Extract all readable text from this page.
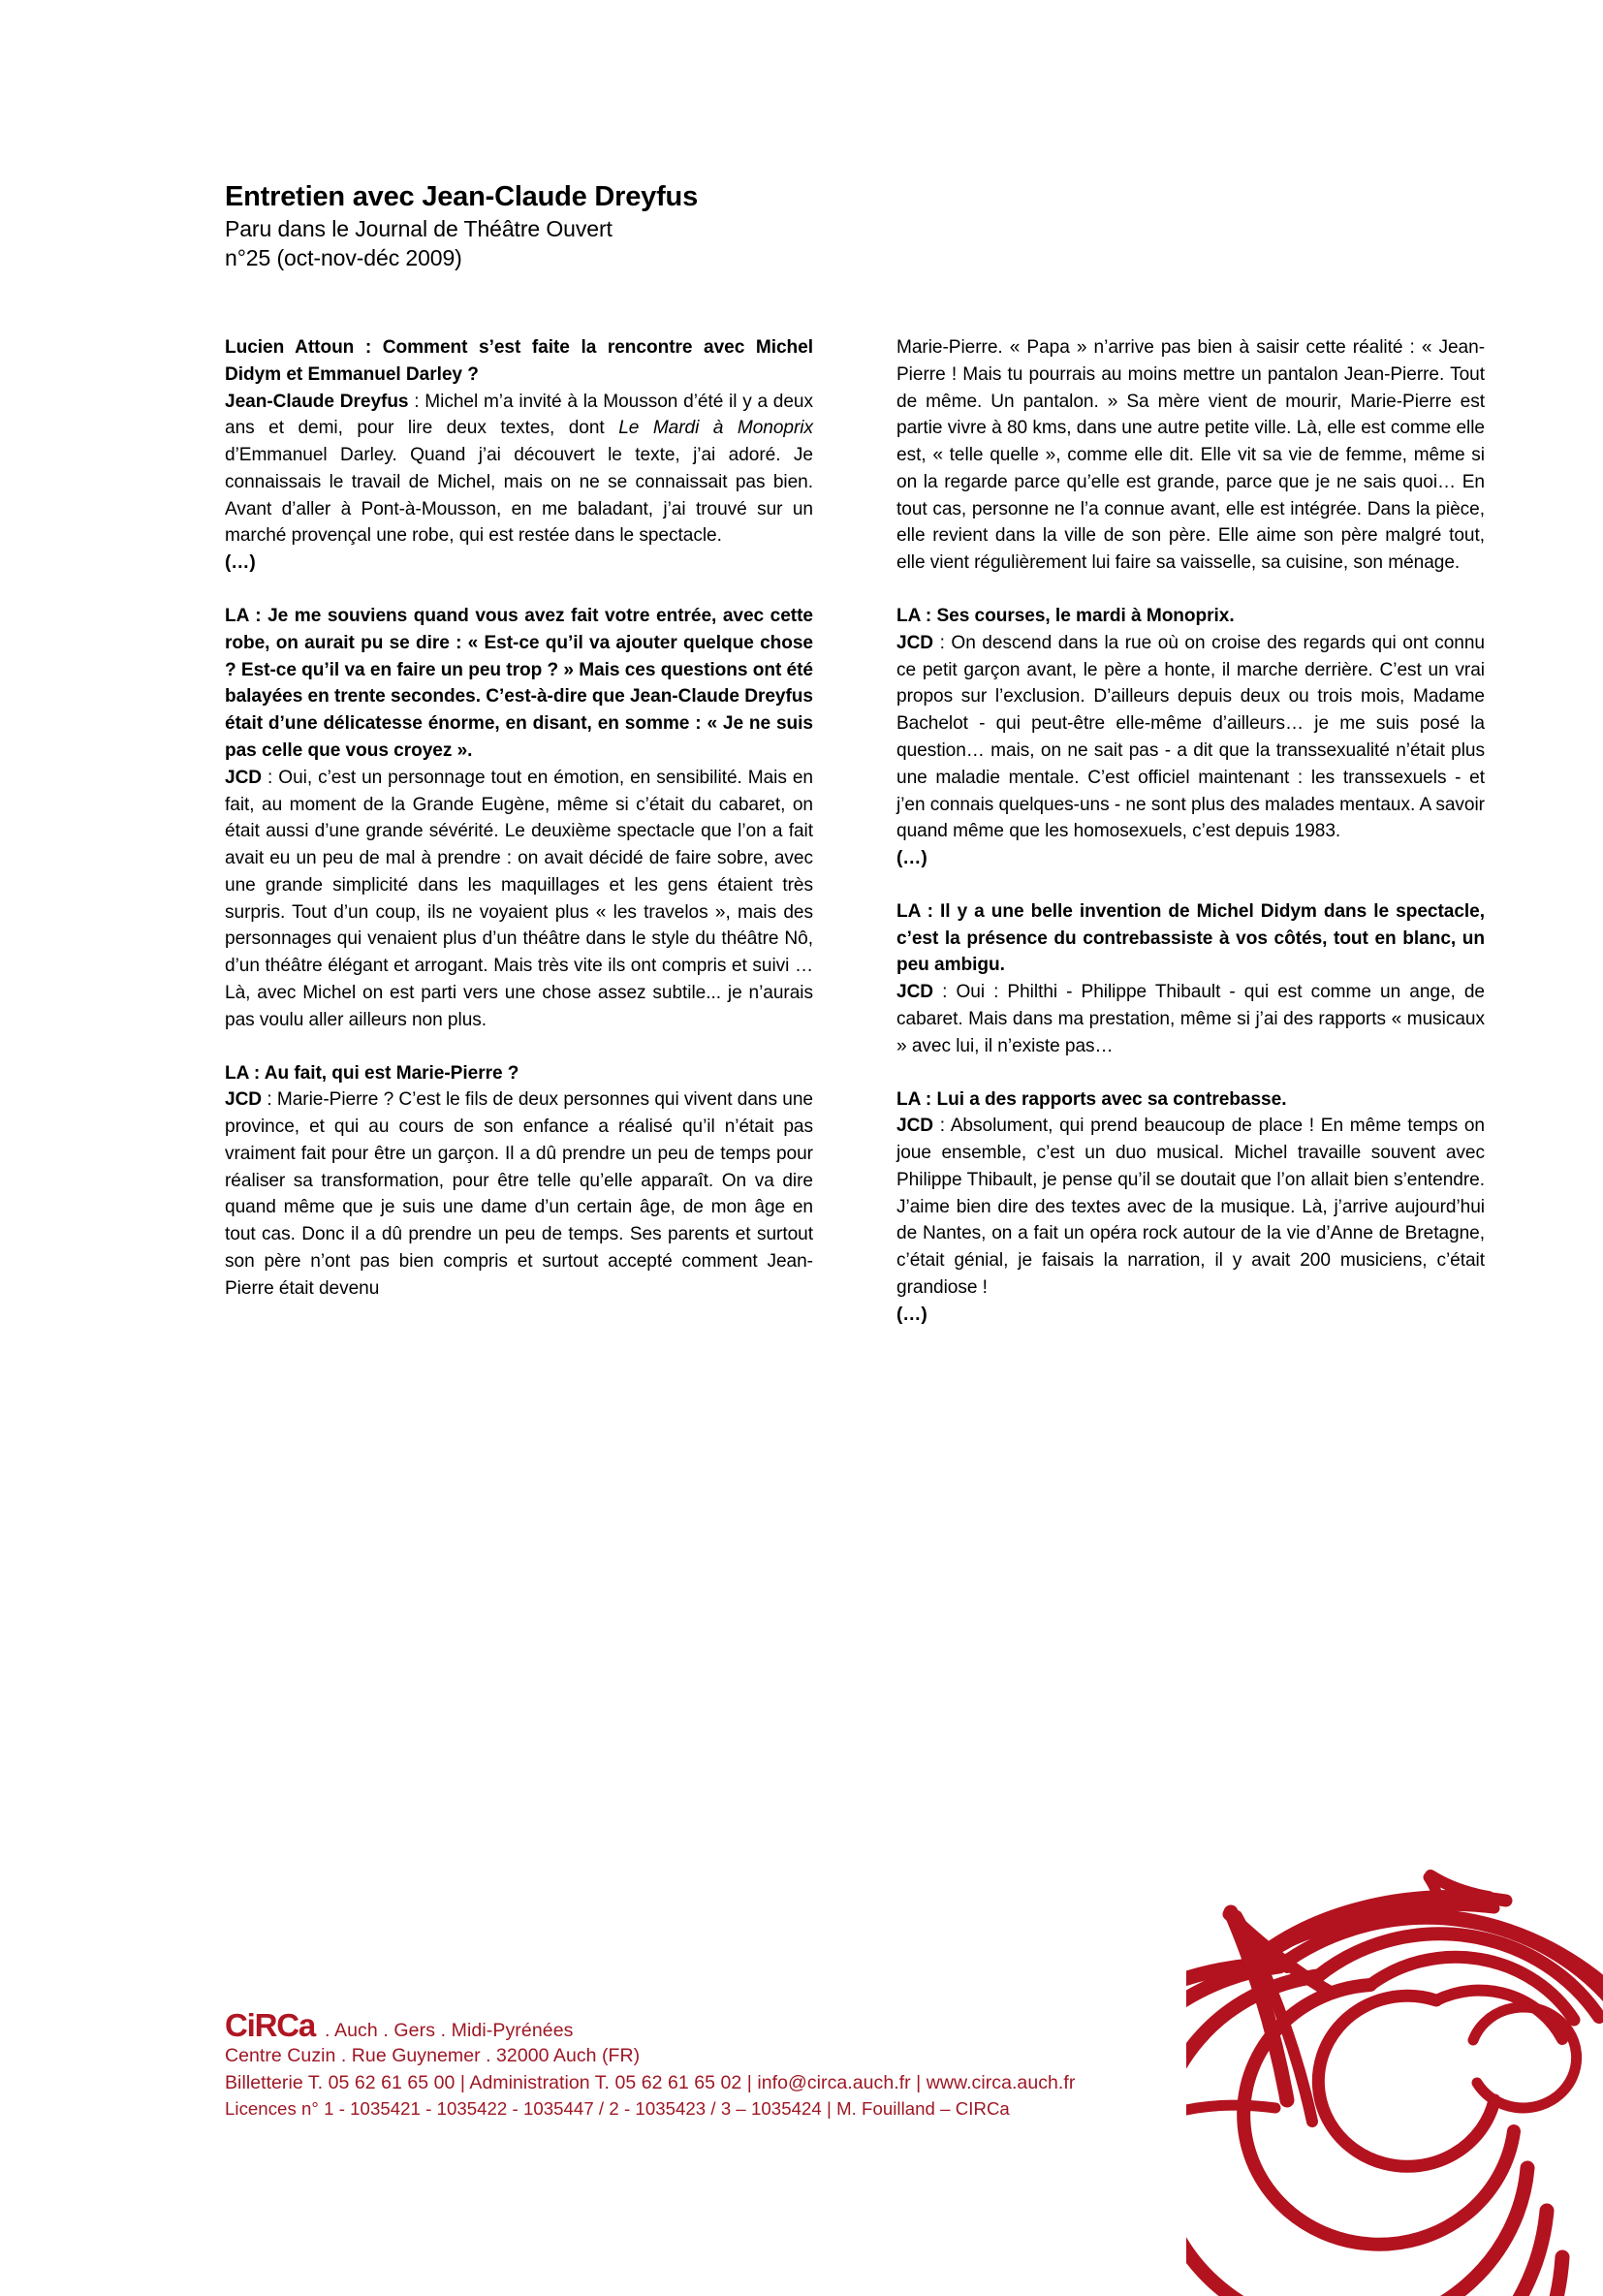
Entretien avec Jean-Claude Dreyfus

Paru dans le Journal de Théâtre Ouvert

n°25 (oct-nov-déc 2009)

Lucien Attoun : Comment s’est faite la rencontre avec Michel Didym et Emmanuel Darley ?

Jean-Claude Dreyfus : Michel m’a invité à la Mousson d’été il y a deux ans et demi, pour lire deux textes, dont Le Mardi à Monoprix d’Emmanuel Darley. Quand j’ai découvert le texte, j’ai adoré. Je connaissais le travail de Michel, mais on ne se connaissait pas bien. Avant d’aller à Pont-à-Mousson, en me baladant, j’ai trouvé sur un marché provençal une robe, qui est restée dans le spectacle.

(…)

LA : Je me souviens quand vous avez fait votre entrée, avec cette robe, on aurait pu se dire : « Est-ce qu’il va ajouter quelque chose ? Est-ce qu’il va en faire un peu trop ? » Mais ces questions ont été balayées en trente secondes. C’est-à-dire que Jean-Claude Dreyfus était d’une délicatesse énorme, en disant, en somme : « Je ne suis pas celle que vous croyez ».

JCD : Oui, c’est un personnage tout en émotion, en sensibilité. Mais en fait, au moment de la Grande Eugène, même si c’était du cabaret, on était aussi d’une grande sévérité. Le deuxième spectacle que l’on a fait avait eu un peu de mal à prendre : on avait décidé de faire sobre, avec une grande simplicité dans les maquillages et les gens étaient très surpris. Tout d’un coup, ils ne voyaient plus « les travelos », mais des personnages qui venaient plus d’un théâtre dans le style du théâtre Nô, d’un théâtre élégant et arrogant. Mais très vite ils ont compris et suivi … Là, avec Michel on est parti vers une chose assez subtile... je n’aurais pas voulu aller ailleurs non plus.

LA : Au fait, qui est Marie-Pierre ?

JCD : Marie-Pierre ? C’est le fils de deux personnes qui vivent dans une province, et qui au cours de son enfance a réalisé qu’il n’était pas vraiment fait pour être un garçon. Il a dû prendre un peu de temps pour réaliser sa transformation, pour être telle qu’elle apparaît. On va dire quand même que je suis une dame d’un certain âge, de mon âge en tout cas. Donc il a dû prendre un peu de temps. Ses parents et surtout son père n’ont pas bien compris et surtout accepté comment Jean-Pierre était devenu

Marie-Pierre. « Papa » n’arrive pas bien à saisir cette réalité : « Jean-Pierre ! Mais tu pourrais au moins mettre un pantalon Jean-Pierre. Tout de même. Un pantalon. » Sa mère vient de mourir, Marie-Pierre est partie vivre à 80 kms, dans une autre petite ville. Là, elle est comme elle est, « telle quelle », comme elle dit. Elle vit sa vie de femme, même si on la regarde parce qu’elle est grande, parce que je ne sais quoi… En tout cas, personne ne l’a connue avant, elle est intégrée. Dans la pièce, elle revient dans la ville de son père. Elle aime son père malgré tout, elle vient régulièrement lui faire sa vaisselle, sa cuisine, son ménage.

LA : Ses courses, le mardi à Monoprix.

JCD : On descend dans la rue où on croise des regards qui ont connu ce petit garçon avant, le père a honte, il marche derrière. C’est un vrai propos sur l’exclusion. D’ailleurs depuis deux ou trois mois, Madame Bachelot - qui peut-être elle-même d’ailleurs… je me suis posé la question… mais, on ne sait pas - a dit que la transsexualité n’était plus une maladie mentale. C’est officiel maintenant : les transsexuels - et j’en connais quelques-uns - ne sont plus des malades mentaux. A savoir quand même que les homosexuels, c’est depuis 1983.

(…)

LA : Il y a une belle invention de Michel Didym dans le spectacle, c’est la présence du contrebassiste à vos côtés, tout en blanc, un peu ambigu.

JCD : Oui : Philthi - Philippe Thibault - qui est comme un ange, de cabaret. Mais dans ma prestation, même si j’ai des rapports « musicaux » avec lui, il n’existe pas…

LA : Lui a des rapports avec sa contrebasse.

JCD : Absolument, qui prend beaucoup de place ! En même temps on joue ensemble, c’est un duo musical. Michel travaille souvent avec Philippe Thibault, je pense qu’il se doutait que l’on allait bien s’entendre. J’aime bien dire des textes avec de la musique. Là, j’arrive aujourd’hui de Nantes, on a fait un opéra rock autour de la vie d’Anne de Bretagne, c’était génial, je faisais la narration, il y avait 200 musiciens, c’était grandiose !

(…)

CiRCa . Auch . Gers . Midi-Pyrénées
Centre Cuzin . Rue Guynemer . 32000 Auch (FR)
Billetterie T. 05 62 61 65 00 | Administration T. 05 62 61 65 02 | info@circa.auch.fr | www.circa.auch.fr
Licences n° 1 - 1035421 - 1035422 - 1035447 / 2 - 1035423 / 3 – 1035424 | M. Fouilland – CIRCa
